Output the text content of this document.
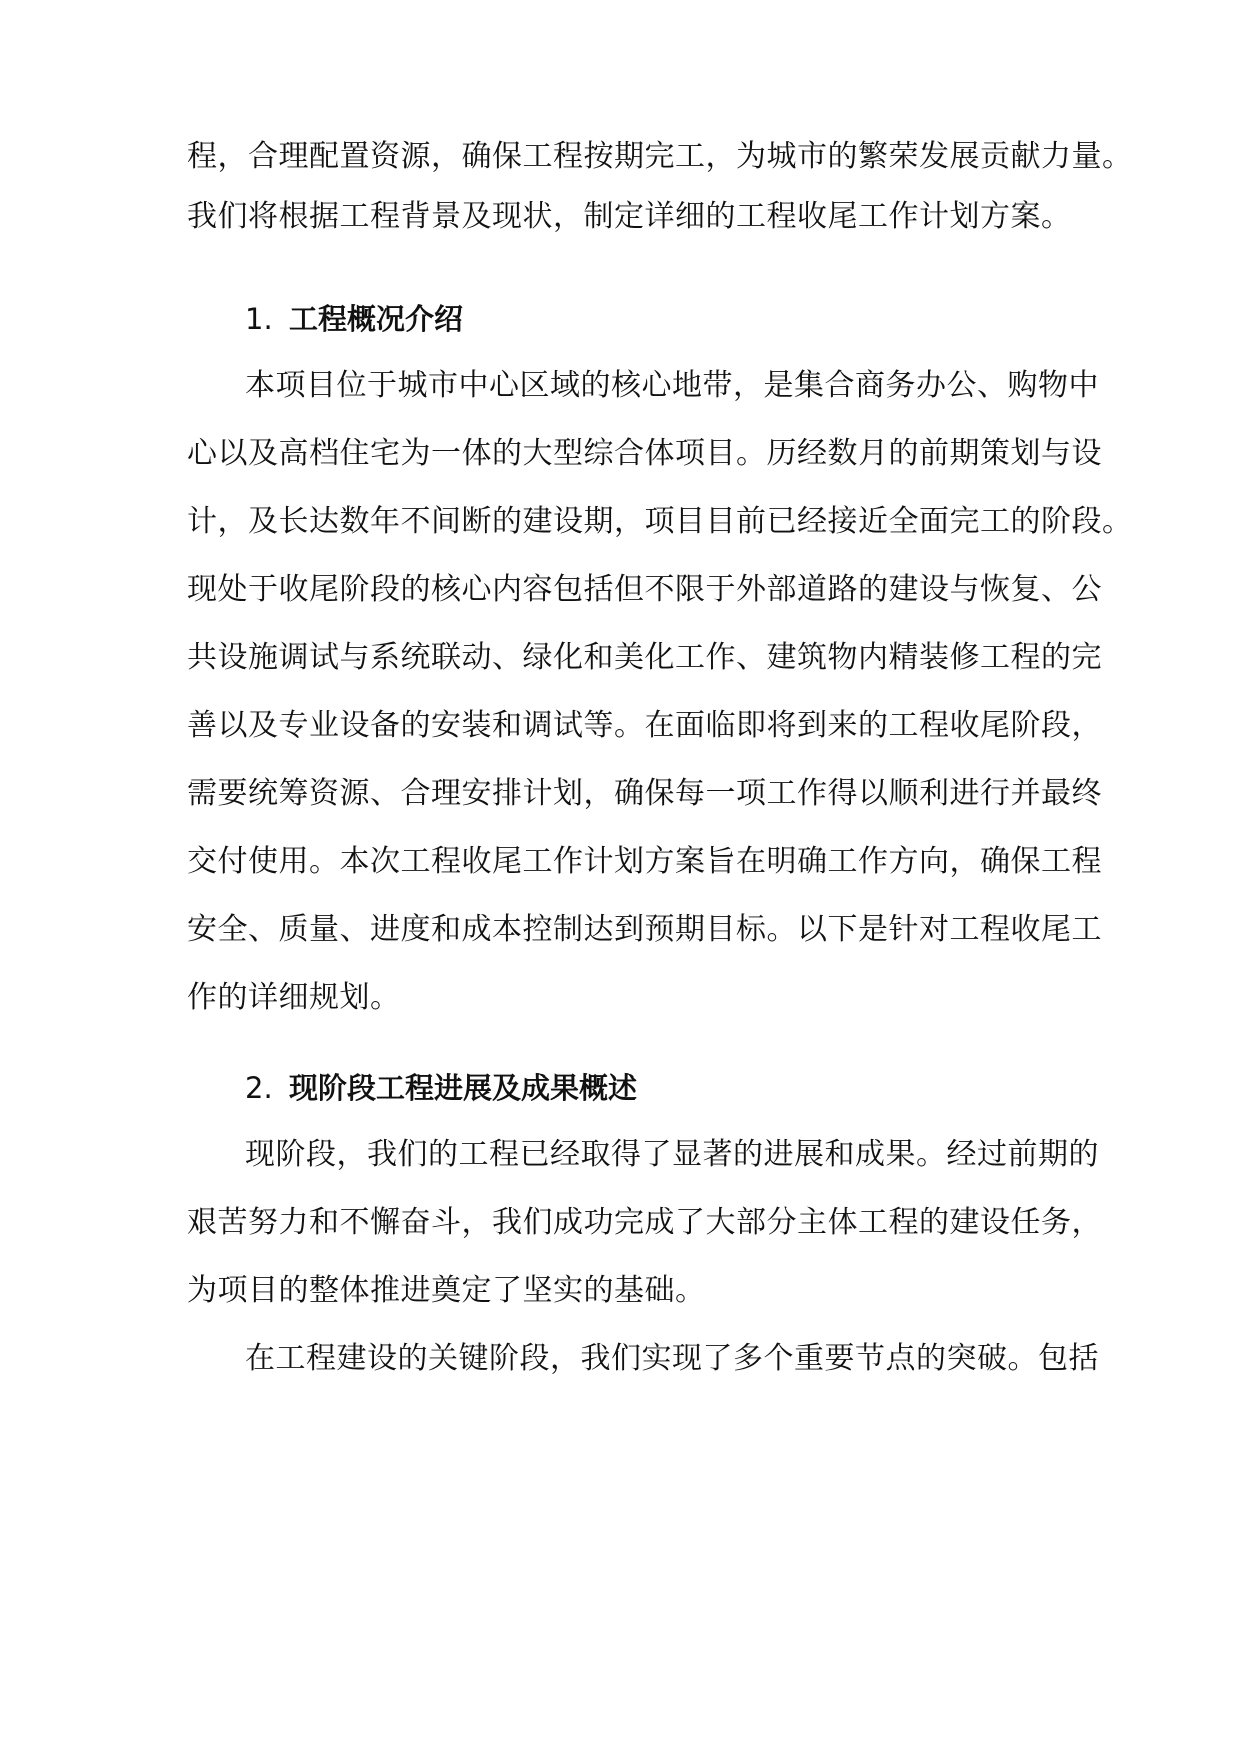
程，合理配置资源，确保工程按期完工，为城市的繁荣发展贡献力量。
我们将根据工程背景及现状，制定详细的工程收尾工作计划方案。
1. 工程概况介绍
本项目位于城市中心区域的核心地带，是集合商务办公、购物中
心以及高档住宅为一体的大型综合体项目。历经数月的前期策划与设
计，及长达数年不间断的建设期，项目目前已经接近全面完工的阶段。
现处于收尾阶段的核心内容包括但不限于外部道路的建设与恢复、公
共设施调试与系统联动、绿化和美化工作、建筑物内精装修工程的完
善以及专业设备的安装和调试等。在面临即将到来的工程收尾阶段，
需要统筹资源、合理安排计划，确保每一项工作得以顺利进行并最终
交付使用。本次工程收尾工作计划方案旨在明确工作方向，确保工程
安全、质量、进度和成本控制达到预期目标。以下是针对工程收尾工
作的详细规划。
2. 现阶段工程进展及成果概述
现阶段，我们的工程已经取得了显著的进展和成果。经过前期的
艰苦努力和不懈奋斗，我们成功完成了大部分主体工程的建设任务，
为项目的整体推进奠定了坚实的基础。
在工程建设的关键阶段，我们实现了多个重要节点的突破。包括
